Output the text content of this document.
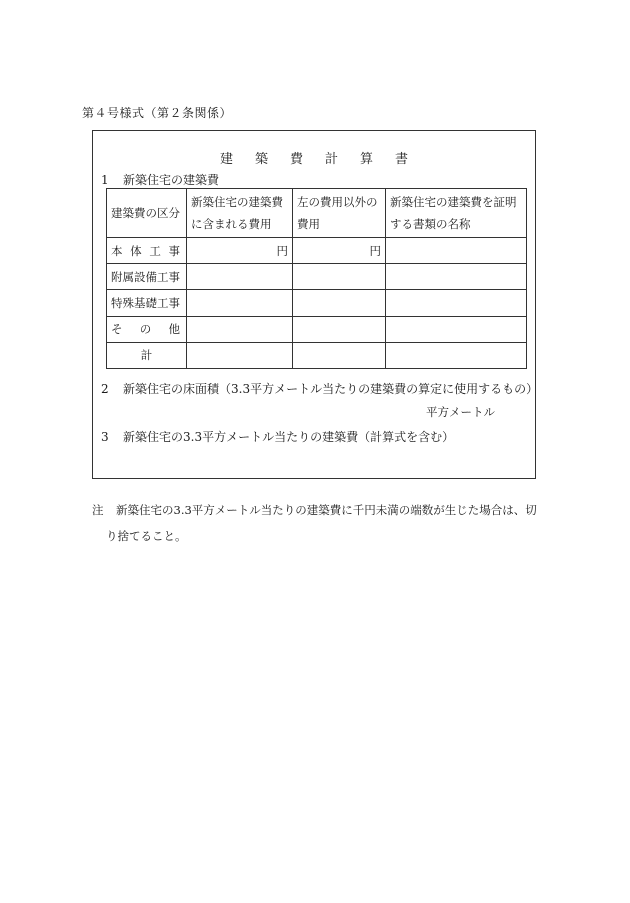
第４号様式（第２条関係）
建 築 費 計 算 書
1 新築住宅の建築費
建築費の区分	新築住宅の建築費に含まれる費用	左の費用以外の費用	新築住宅の建築費を証明する書類の名称
本体工事	円	円	
附属設備工事			
特殊基礎工事			
その他			
計			
2 新築住宅の床面積（3.3平方メートル当たりの建築費の算定に使用するもの）
平方メートル
3 新築住宅の3.3平方メートル当たりの建築費（計算式を含む）
注 新築住宅の3.3平方メートル当たりの建築費に千円未満の端数が生じた場合は、切
り捨てること。
